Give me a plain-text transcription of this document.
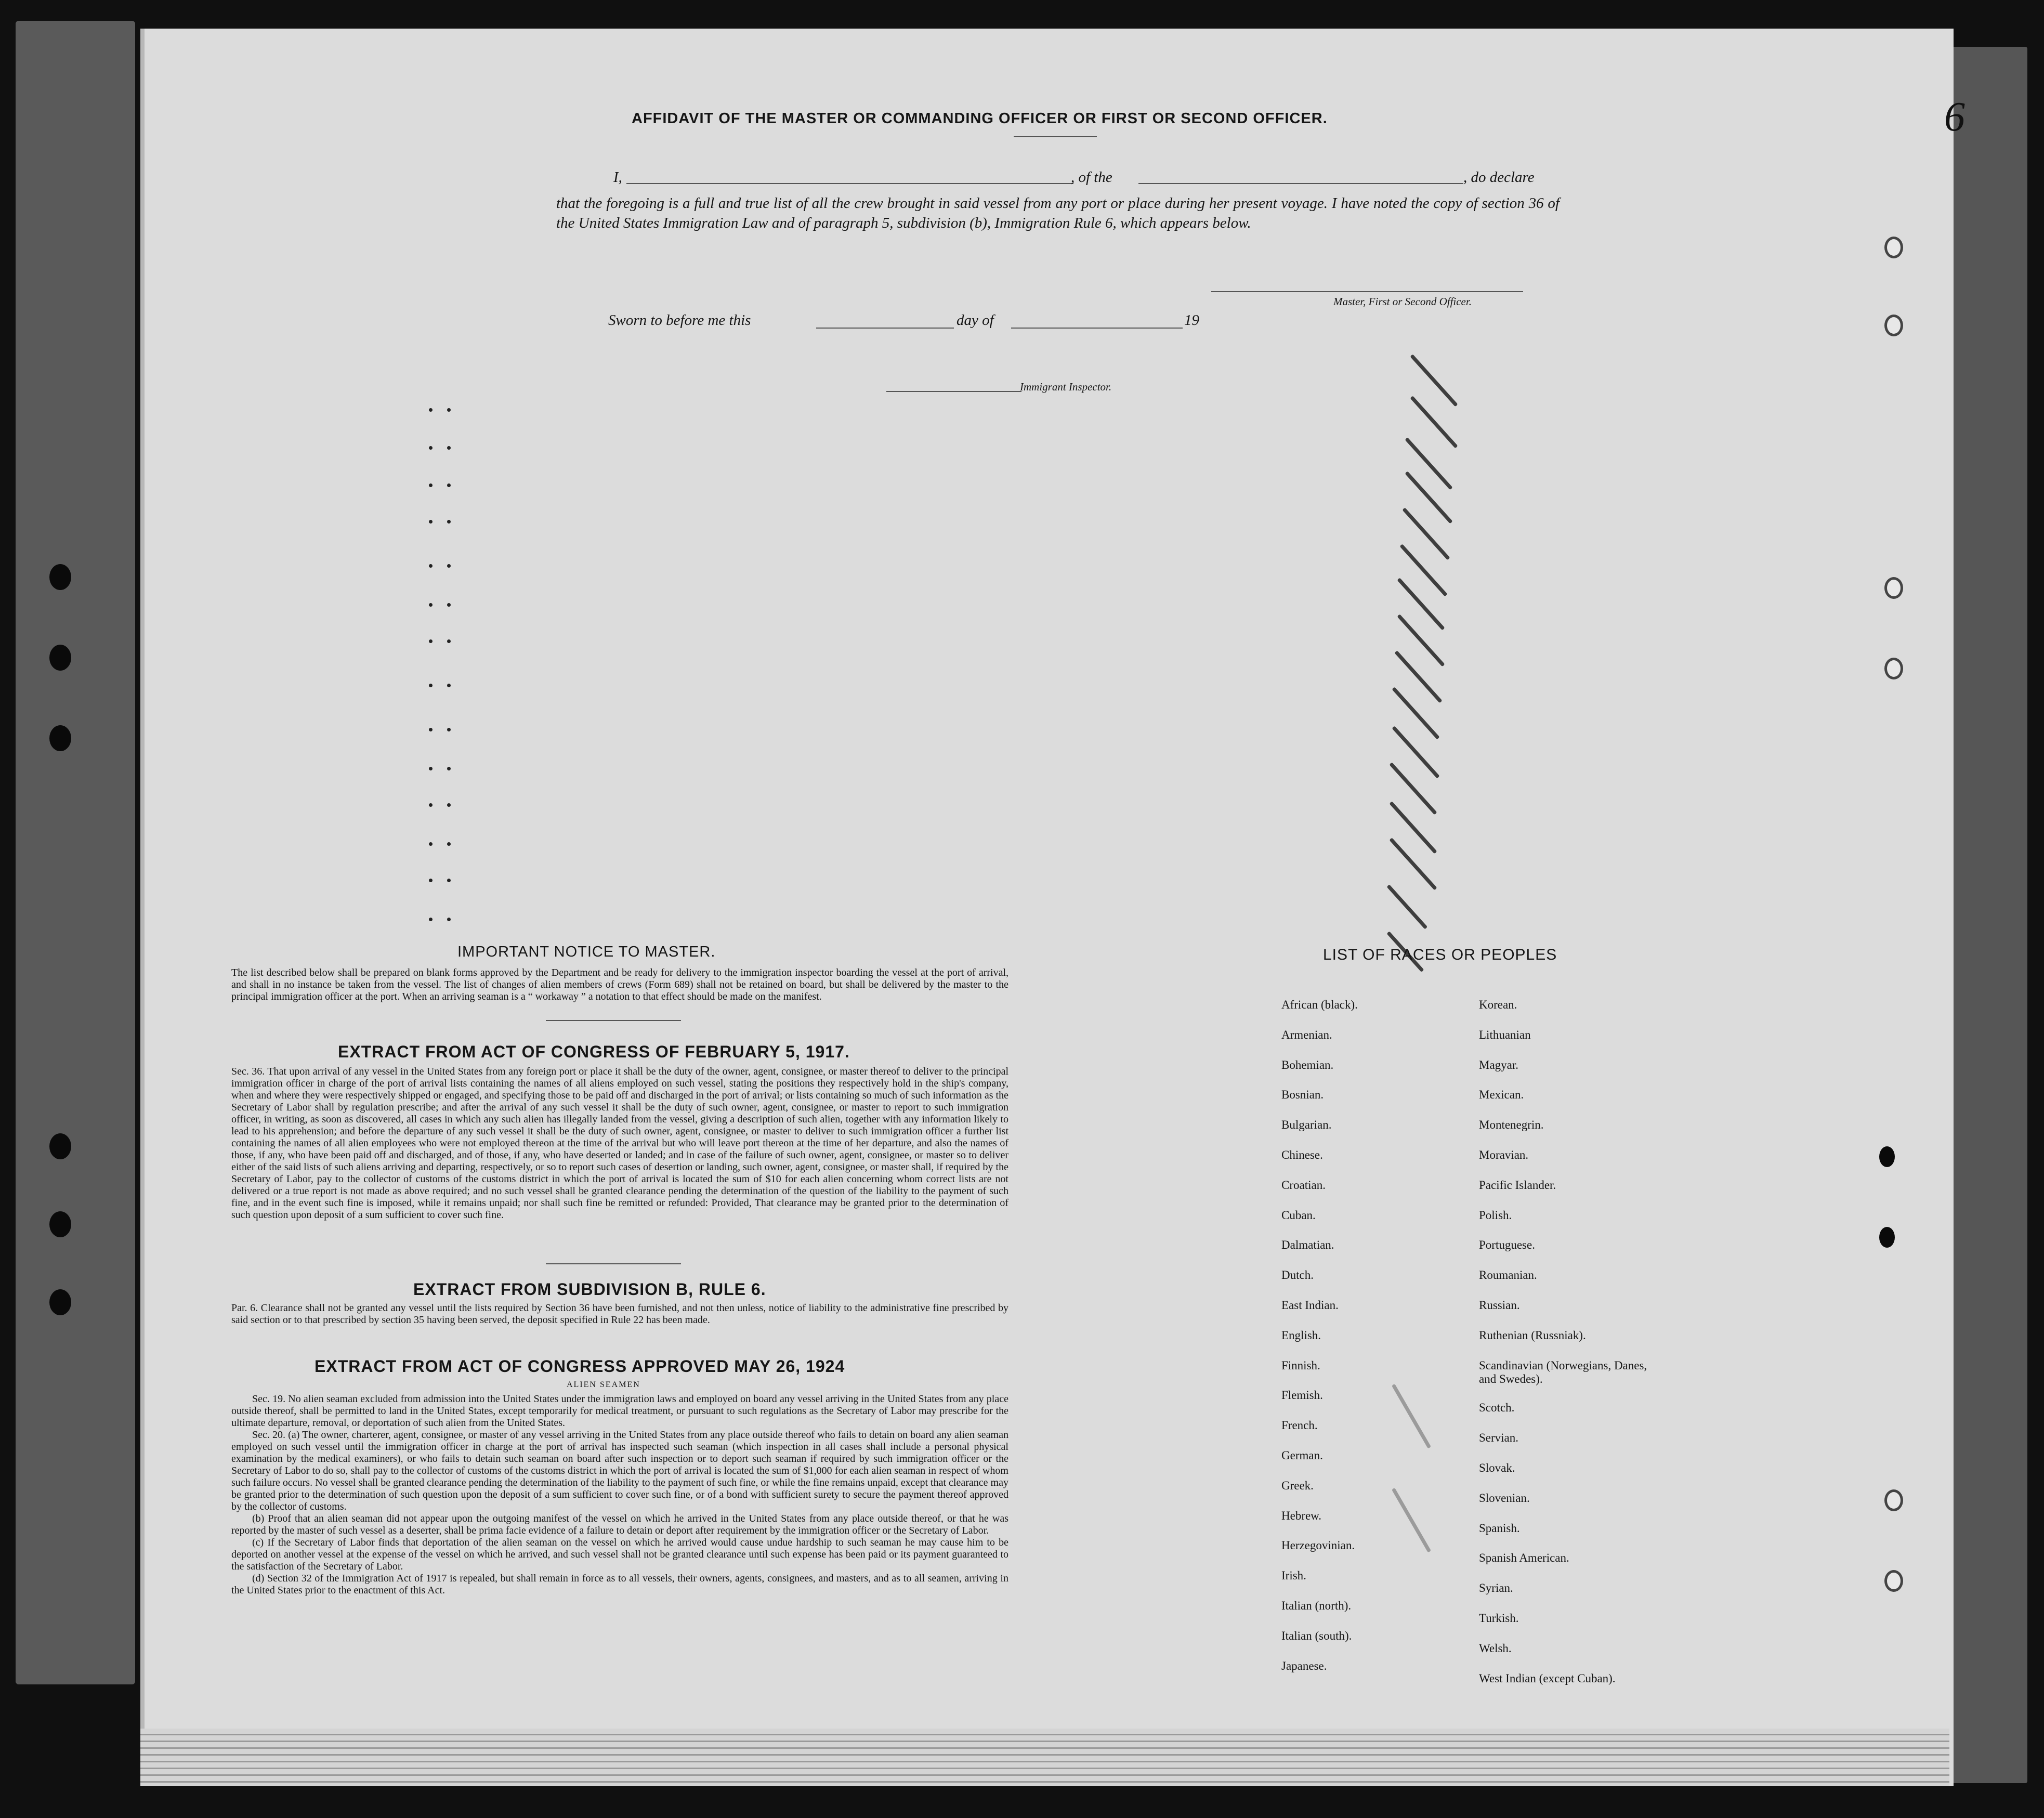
6
AFFIDAVIT OF THE MASTER OR COMMANDING OFFICER OR FIRST OR SECOND OFFICER.
I,	, of the	, do declare
that the foregoing is a full and true list of all the crew brought in said vessel from any port or place during her present voyage. I have noted the copy of section 36 of the United States Immigration Law and of paragraph 5, subdivision (b), Immigration Rule 6, which appears below.
Master, First or Second Officer.
Sworn to before me this	day of	19
Immigrant Inspector.
IMPORTANT NOTICE TO MASTER.
The list described below shall be prepared on blank forms approved by the Department and be ready for delivery to the immigration inspector boarding the vessel at the port of arrival, and shall in no instance be taken from the vessel. The list of changes of alien members of crews (Form 689) shall not be retained on board, but shall be delivered by the master to the principal immigration officer at the port. When an arriving seaman is a “ workaway ” a notation to that effect should be made on the manifest.
EXTRACT FROM ACT OF CONGRESS OF FEBRUARY 5, 1917.
Sec. 36. That upon arrival of any vessel in the United States from any foreign port or place it shall be the duty of the owner, agent, consignee, or master thereof to deliver to the principal immigration officer in charge of the port of arrival lists containing the names of all aliens employed on such vessel, stating the positions they respectively hold in the ship's company, when and where they were respectively shipped or engaged, and specifying those to be paid off and discharged in the port of arrival; or lists containing so much of such information as the Secretary of Labor shall by regulation prescribe; and after the arrival of any such vessel it shall be the duty of such owner, agent, consignee, or master to report to such immigration officer, in writing, as soon as discovered, all cases in which any such alien has illegally landed from the vessel, giving a description of such alien, together with any information likely to lead to his apprehension; and before the departure of any such vessel it shall be the duty of such owner, agent, consignee, or master to deliver to such immigration officer a further list containing the names of all alien employees who were not employed thereon at the time of the arrival but who will leave port thereon at the time of her departure, and also the names of those, if any, who have been paid off and discharged, and of those, if any, who have deserted or landed; and in case of the failure of such owner, agent, consignee, or master so to deliver either of the said lists of such aliens arriving and departing, respectively, or so to report such cases of desertion or landing, such owner, agent, consignee, or master shall, if required by the Secretary of Labor, pay to the collector of customs of the customs district in which the port of arrival is located the sum of $10 for each alien concerning whom correct lists are not delivered or a true report is not made as above required; and no such vessel shall be granted clearance pending the determination of the question of the liability to the payment of such fine, and in the event such fine is imposed, while it remains unpaid; nor shall such fine be remitted or refunded: Provided, That clearance may be granted prior to the determination of such question upon deposit of a sum sufficient to cover such fine.
EXTRACT FROM SUBDIVISION B, RULE 6.
Par. 6. Clearance shall not be granted any vessel until the lists required by Section 36 have been furnished, and not then unless, notice of liability to the administrative fine prescribed by said section or to that prescribed by section 35 having been served, the deposit specified in Rule 22 has been made.
EXTRACT FROM ACT OF CONGRESS APPROVED MAY 26, 1924
ALIEN SEAMEN
Sec. 19. No alien seaman excluded from admission into the United States under the immigration laws and employed on board any vessel arriving in the United States from any place outside thereof, shall be permitted to land in the United States, except temporarily for medical treatment, or pursuant to such regulations as the Secretary of Labor may prescribe for the ultimate departure, removal, or deportation of such alien from the United States.
Sec. 20. (a) The owner, charterer, agent, consignee, or master of any vessel arriving in the United States from any place outside thereof who fails to detain on board any alien seaman employed on such vessel until the immigration officer in charge at the port of arrival has inspected such seaman (which inspection in all cases shall include a personal physical examination by the medical examiners), or who fails to detain such seaman on board after such inspection or to deport such seaman if required by such immigration officer or the Secretary of Labor to do so, shall pay to the collector of customs of the customs district in which the port of arrival is located the sum of $1,000 for each alien seaman in respect of whom such failure occurs. No vessel shall be granted clearance pending the determination of the liability to the payment of such fine, or while the fine remains unpaid, except that clearance may be granted prior to the determination of such question upon the deposit of a sum sufficient to cover such fine, or of a bond with sufficient surety to secure the payment thereof approved by the collector of customs.
(b) Proof that an alien seaman did not appear upon the outgoing manifest of the vessel on which he arrived in the United States from any place outside thereof, or that he was reported by the master of such vessel as a deserter, shall be prima facie evidence of a failure to detain or deport after requirement by the immigration officer or the Secretary of Labor.
(c) If the Secretary of Labor finds that deportation of the alien seaman on the vessel on which he arrived would cause undue hardship to such seaman he may cause him to be deported on another vessel at the expense of the vessel on which he arrived, and such vessel shall not be granted clearance until such expense has been paid or its payment guaranteed to the satisfaction of the Secretary of Labor.
(d) Section 32 of the Immigration Act of 1917 is repealed, but shall remain in force as to all vessels, their owners, agents, consignees, and masters, and as to all seamen, arriving in the United States prior to the enactment of this Act.
LIST OF RACES OR PEOPLES
African (black).
Armenian.
Bohemian.
Bosnian.
Bulgarian.
Chinese.
Croatian.
Cuban.
Dalmatian.
Dutch.
East Indian.
English.
Finnish.
Flemish.
French.
German.
Greek.
Hebrew.
Herzegovinian.
Irish.
Italian (north).
Italian (south).
Japanese.
Korean.
Lithuanian
Magyar.
Mexican.
Montenegrin.
Moravian.
Pacific Islander.
Polish.
Portuguese.
Roumanian.
Russian.
Ruthenian (Russniak).
Scandinavian (Norwegians, Danes, and Swedes).
Scotch.
Servian.
Slovak.
Slovenian.
Spanish.
Spanish American.
Syrian.
Turkish.
Welsh.
West Indian (except Cuban).
